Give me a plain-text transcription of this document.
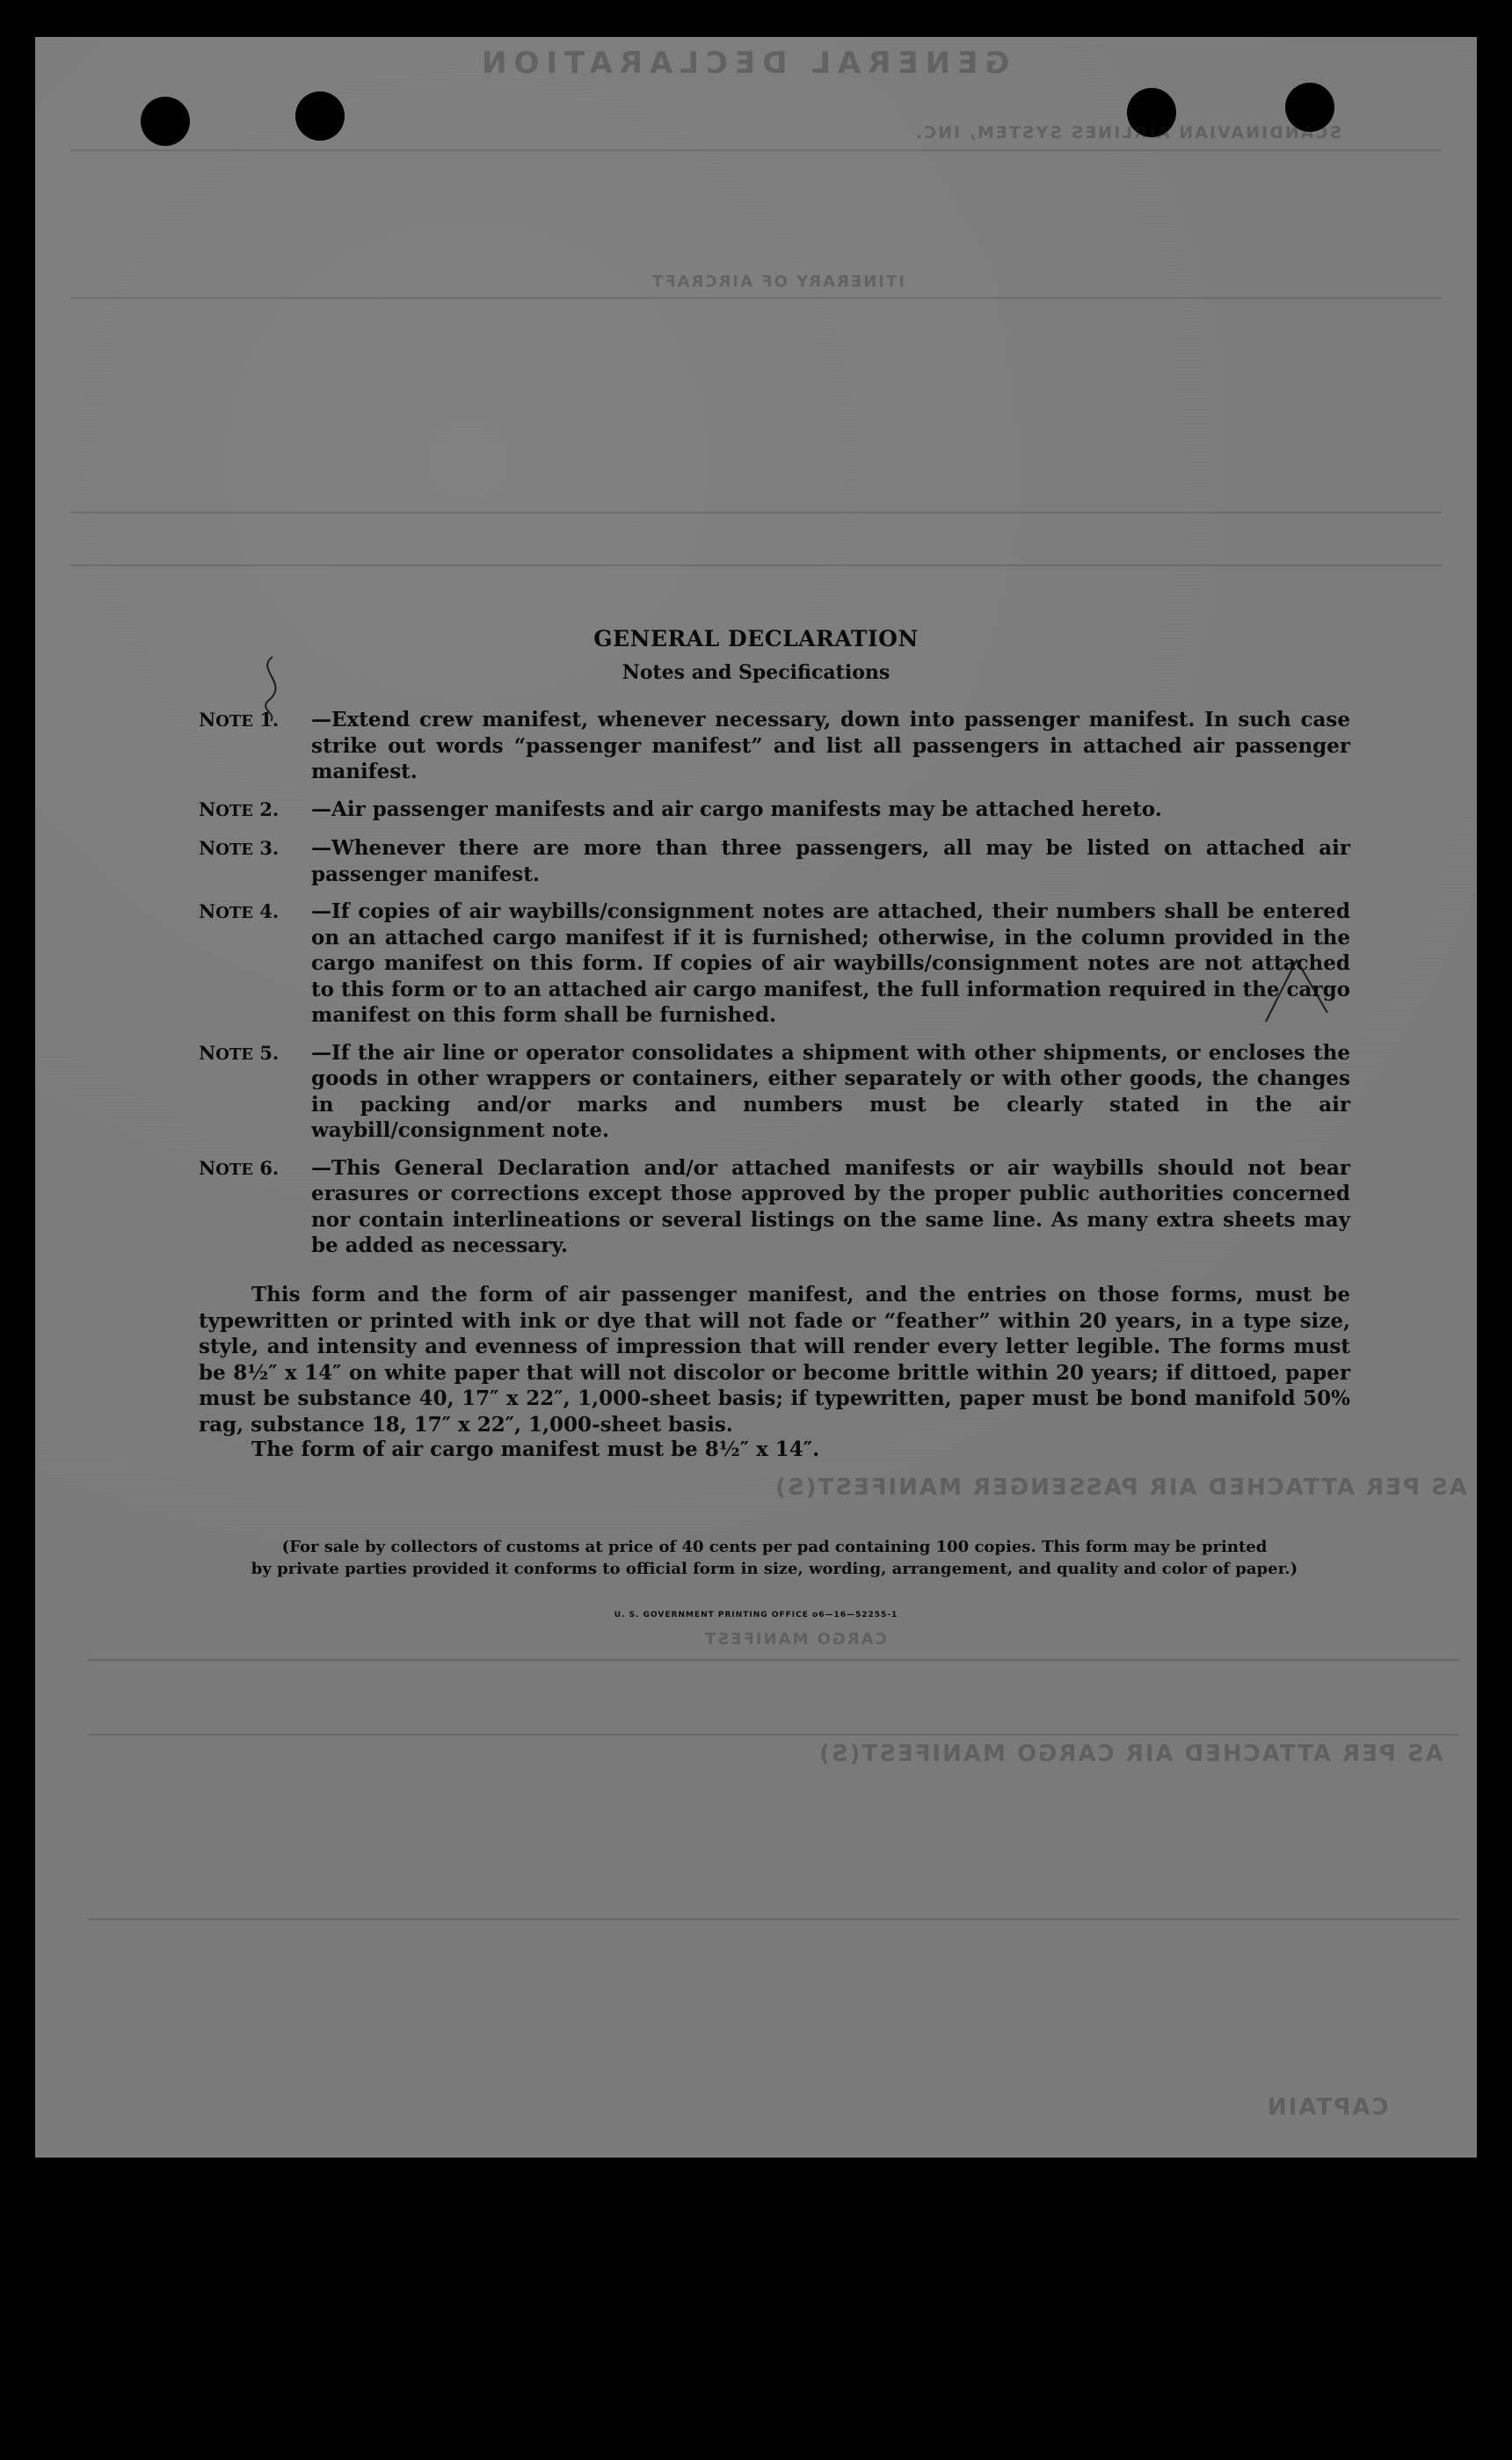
GENERAL DECLARATION
SCANDINAVIAN AIRLINES SYSTEM, INC.
ITINERARY OF AIRCRAFT
AS PER ATTACHED AIR PASSENGER MANIFEST(S)
CARGO MANIFEST
AS PER ATTACHED AIR CARGO MANIFEST(S)
CAPTAIN
GENERAL DECLARATION
Notes and Specifications
NOTE 1.	—Extend crew manifest, whenever necessary, down into passenger manifest. In such case strike out words “passenger manifest” and list all passengers in attached air passenger manifest.
NOTE 2.	—Air passenger manifests and air cargo manifests may be attached hereto.
NOTE 3.	—Whenever there are more than three passengers, all may be listed on attached air passenger manifest.
NOTE 4.	—If copies of air waybills/consignment notes are attached, their numbers shall be entered on an attached cargo manifest if it is furnished; otherwise, in the column provided in the cargo manifest on this form. If copies of air waybills/consignment notes are not attached to this form or to an attached air cargo manifest, the full information required in the cargo manifest on this form shall be furnished.
NOTE 5.	—If the air line or operator consolidates a shipment with other shipments, or encloses the goods in other wrappers or containers, either separately or with other goods, the changes in packing and/or marks and numbers must be clearly stated in the air waybill/consignment note.
NOTE 6.	—This General Declaration and/or attached manifests or air waybills should not bear erasures or corrections except those approved by the proper public authorities concerned nor contain interlineations or several listings on the same line. As many extra sheets may be added as necessary.
This form and the form of air passenger manifest, and the entries on those forms, must be typewritten or printed with ink or dye that will not fade or “feather” within 20 years, in a type size, style, and intensity and evenness of impression that will render every letter legible. The forms must be 8½″ x 14″ on white paper that will not discolor or become brittle within 20 years; if dittoed, paper must be substance 40, 17″ x 22″, 1,000-sheet basis; if typewritten, paper must be bond manifold 50% rag, substance 18, 17″ x 22″, 1,000-sheet basis.
The form of air cargo manifest must be 8½″ x 14″.
(For sale by collectors of customs at price of 40 cents per pad containing 100 copies. This form may be printed
by private parties provided it conforms to official form in size, wording, arrangement, and quality and color of paper.)
U. S. GOVERNMENT PRINTING OFFICE o6—16—52255-1
